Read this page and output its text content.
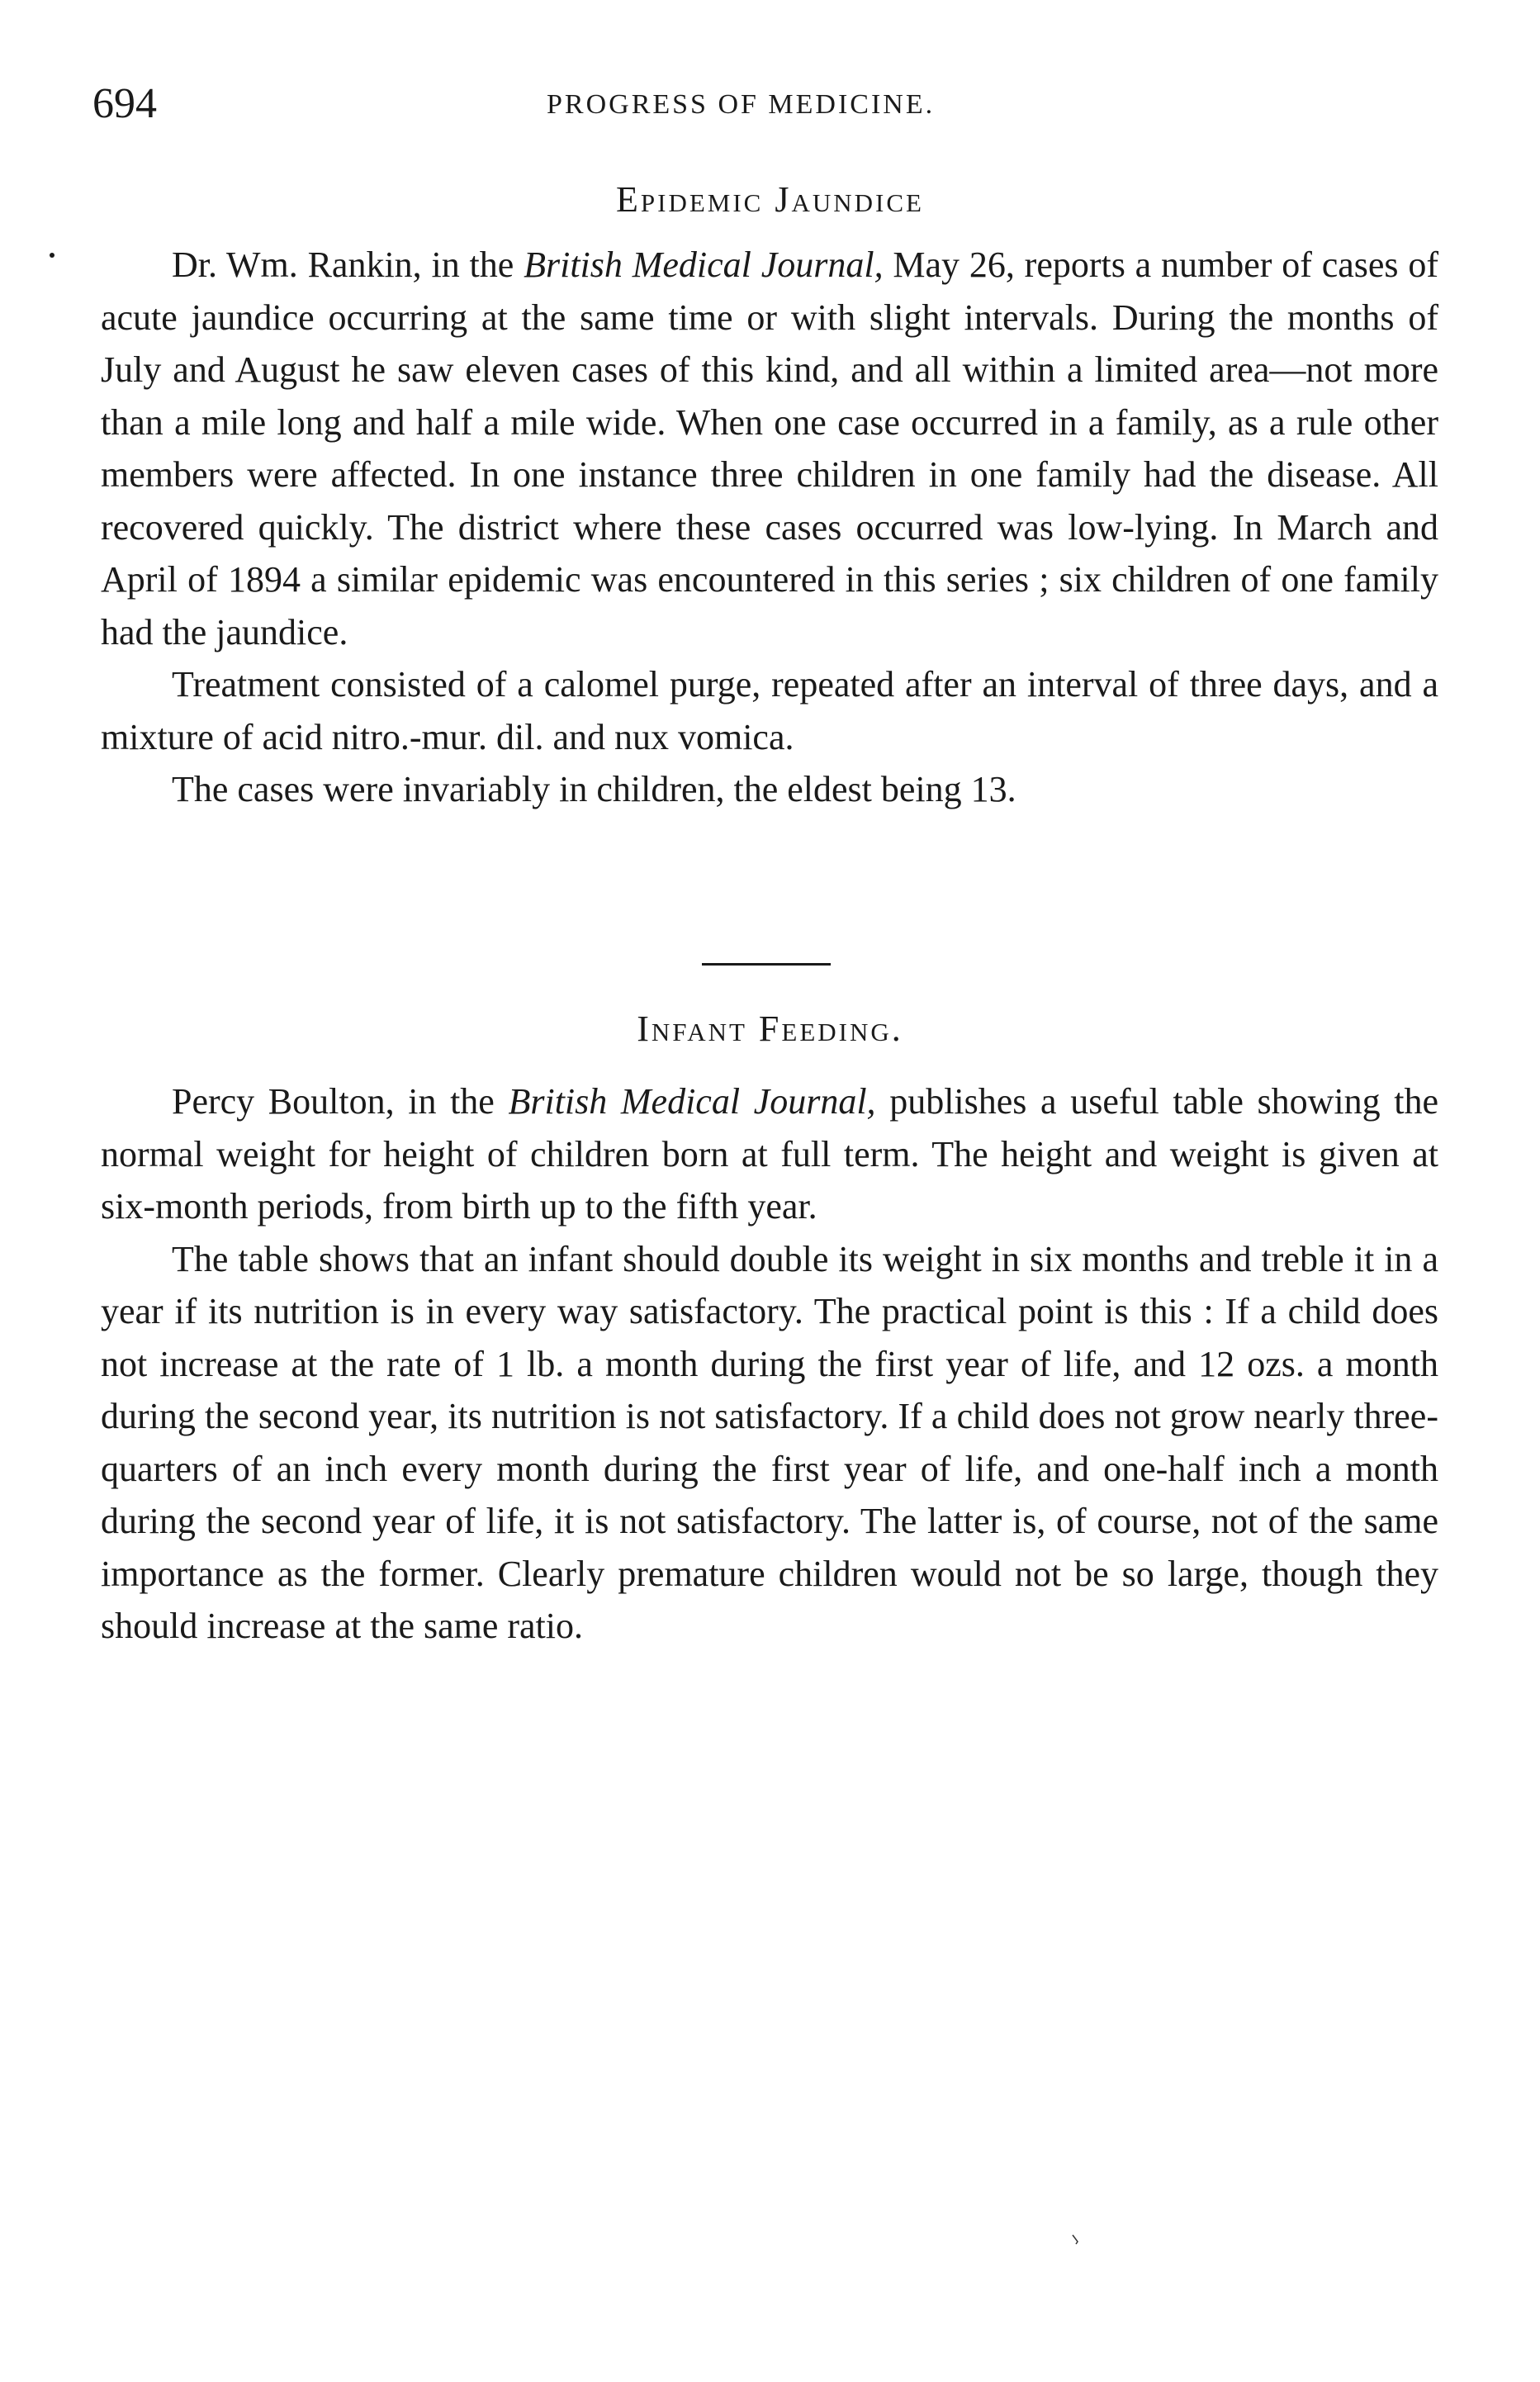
694	PROGRESS OF MEDICINE.
Epidemic Jaundice

Dr. Wm. Rankin, in the British Medical Journal, May 26, reports a number of cases of acute jaundice occurring at the same time or with slight intervals. During the months of July and August he saw eleven cases of this kind, and all within a limited area—not more than a mile long and half a mile wide. When one case occurred in a family, as a rule other members were affected. In one instance three children in one family had the disease. All recovered quickly. The district where these cases occurred was low-lying. In March and April of 1894 a similar epidemic was encountered in this series ; six children of one family had the jaundice.

Treatment consisted of a calomel purge, repeated after an interval of three days, and a mixture of acid nitro.-mur. dil. and nux vomica.

The cases were invariably in children, the eldest being 13.

Infant Feeding.

Percy Boulton, in the British Medical Journal, publishes a useful table showing the normal weight for height of children born at full term. The height and weight is given at six-month periods, from birth up to the fifth year.

The table shows that an infant should double its weight in six months and treble it in a year if its nutrition is in every way satisfactory. The practical point is this : If a child does not increase at the rate of 1 lb. a month during the first year of life, and 12 ozs. a month during the second year, its nutrition is not satisfactory. If a child does not grow nearly three-quarters of an inch every month during the first year of life, and one-half inch a month during the second year of life, it is not satisfactory. The latter is, of course, not of the same importance as the former. Clearly premature children would not be so large, though they should increase at the same ratio.
